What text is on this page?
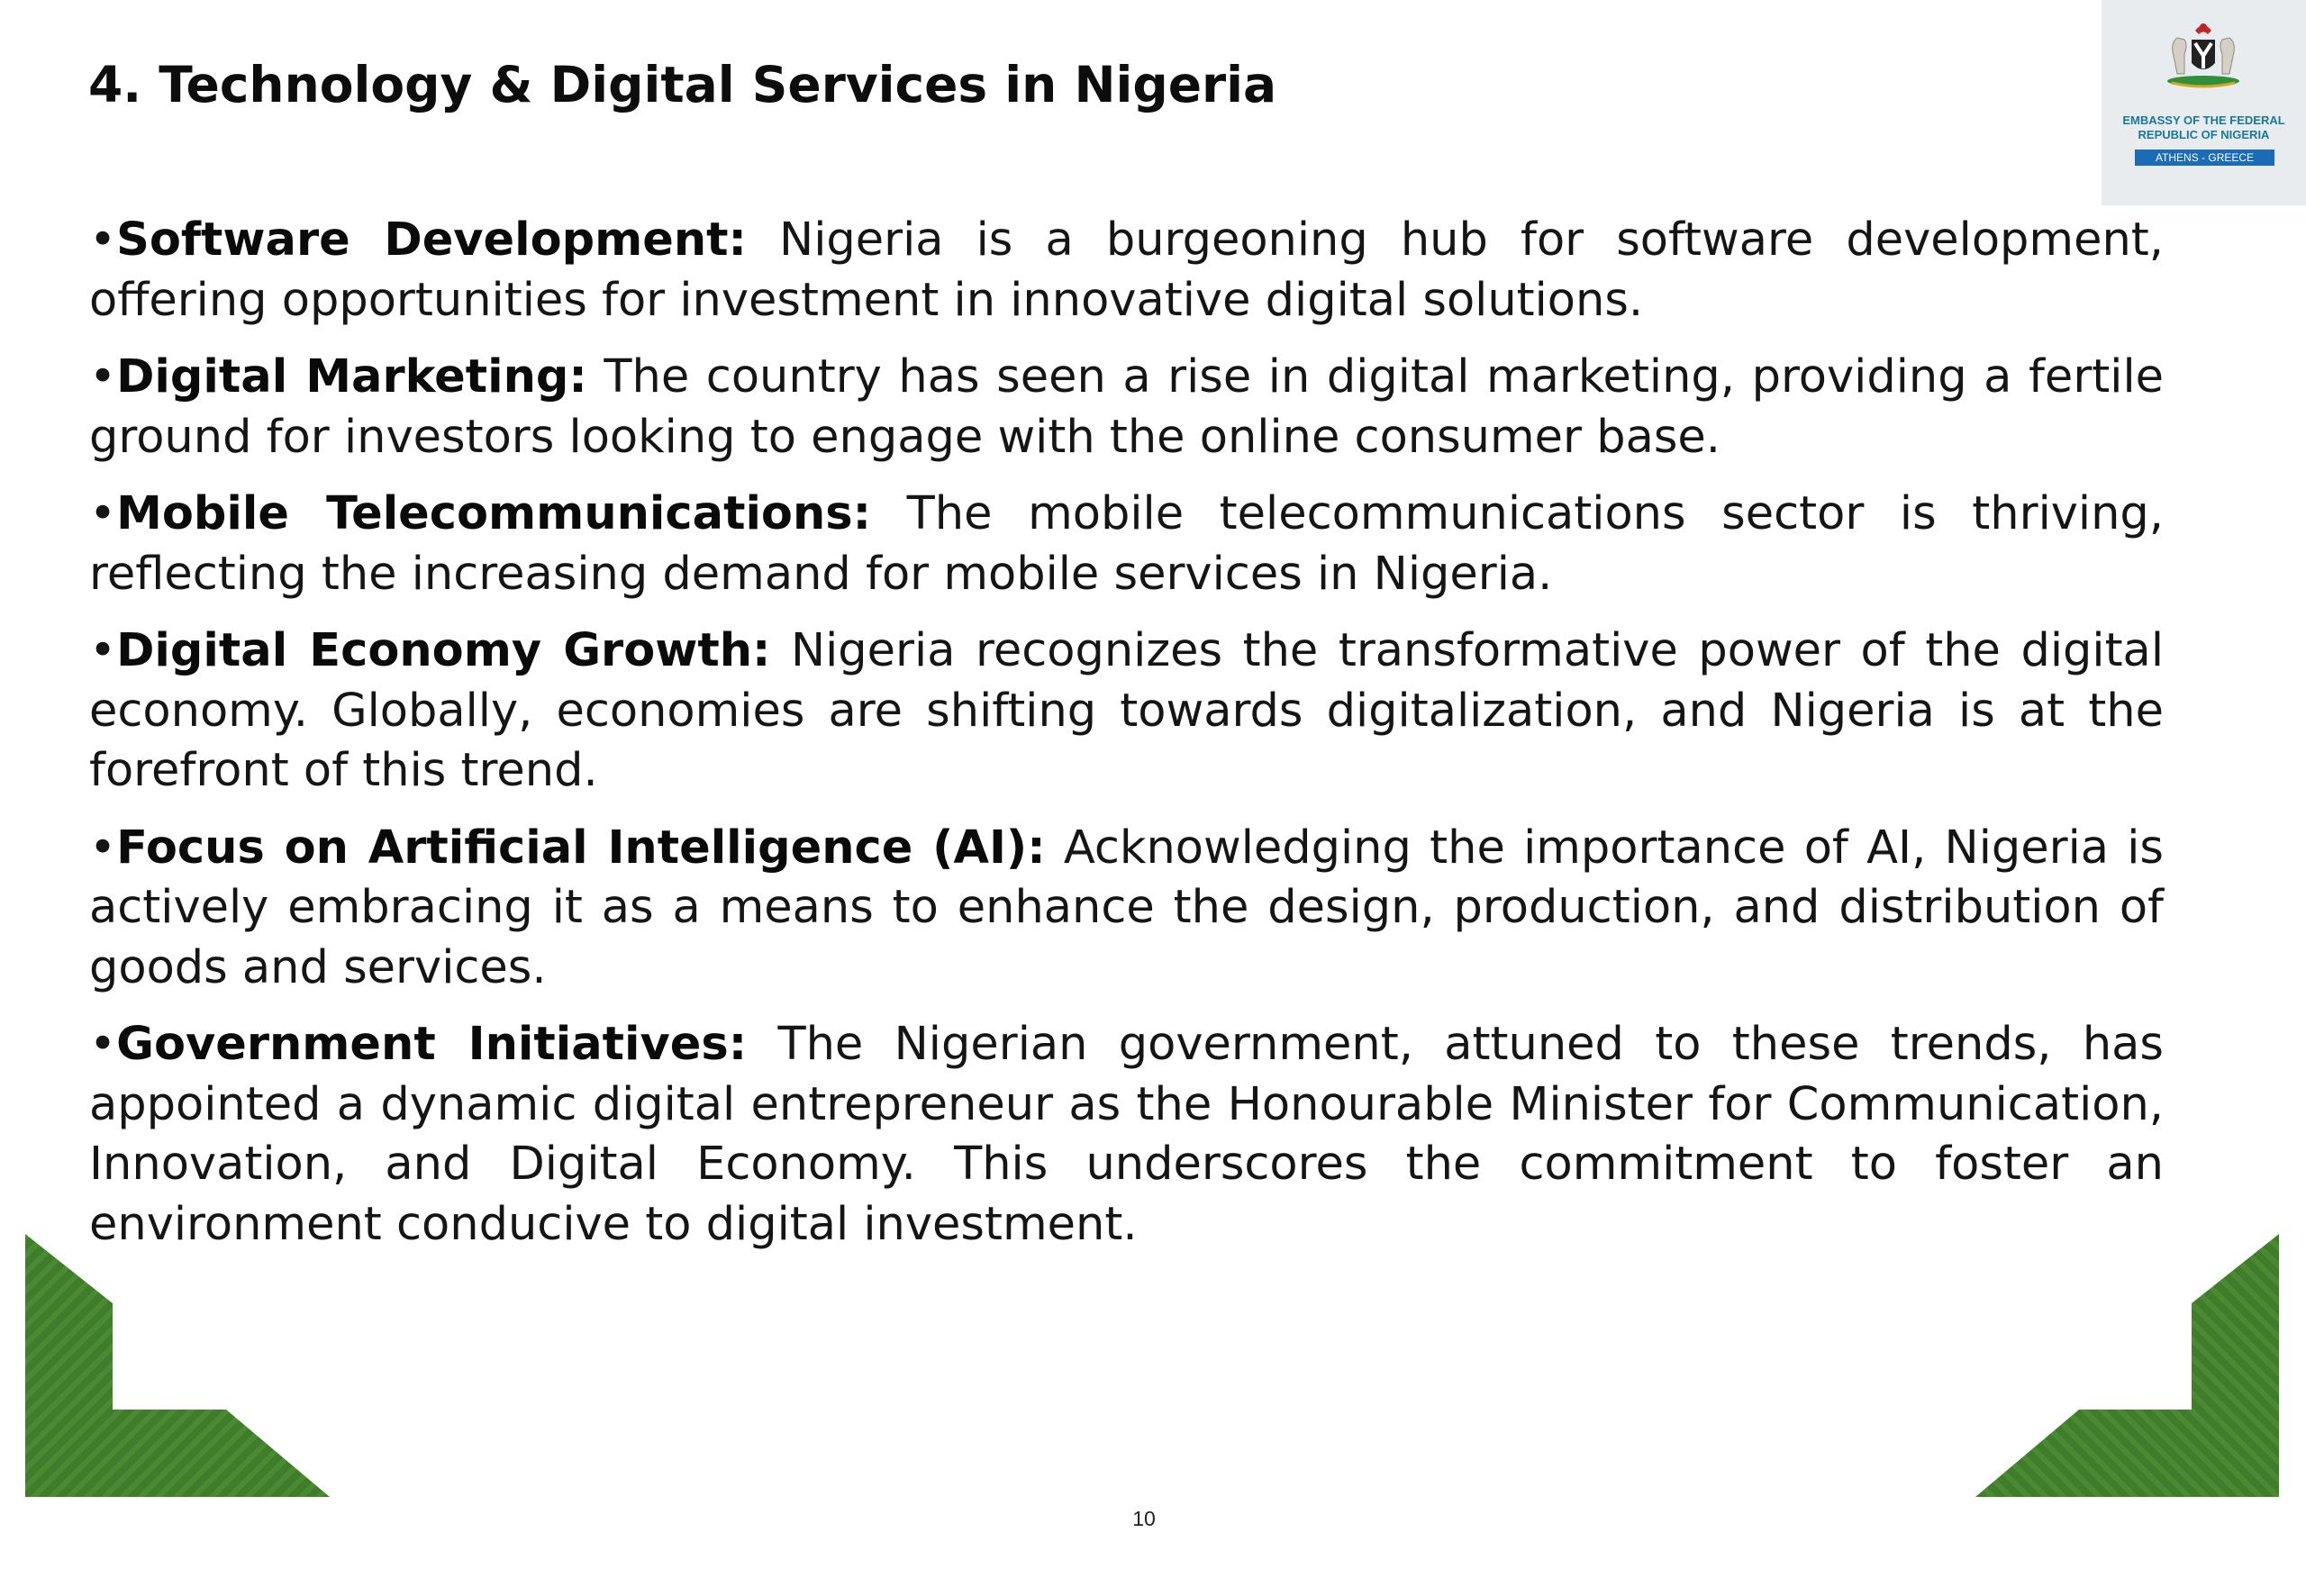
4. Technology & Digital Services in Nigeria
EMBASSY OF THE FEDERAL
REPUBLIC OF NIGERIA
ATHENS - GREECE

•Software Development: Nigeria is a burgeoning hub for software development, offering opportunities for investment in innovative digital solutions.

•Digital Marketing: The country has seen a rise in digital marketing, providing a fertile ground for investors looking to engage with the online consumer base.

•Mobile Telecommunications: The mobile telecommunications sector is thriving, reflecting the increasing demand for mobile services in Nigeria.

•Digital Economy Growth: Nigeria recognizes the transformative power of the digital economy. Globally, economies are shifting towards digitalization, and Nigeria is at the forefront of this trend.

•Focus on Artificial Intelligence (AI): Acknowledging the importance of AI, Nigeria is actively embracing it as a means to enhance the design, production, and distribution of goods and services.

•Government Initiatives: The Nigerian government, attuned to these trends, has appointed a dynamic digital entrepreneur as the Honourable Minister for Communication, Innovation, and Digital Economy. This underscores the commitment to foster an environment conducive to digital investment.

10
